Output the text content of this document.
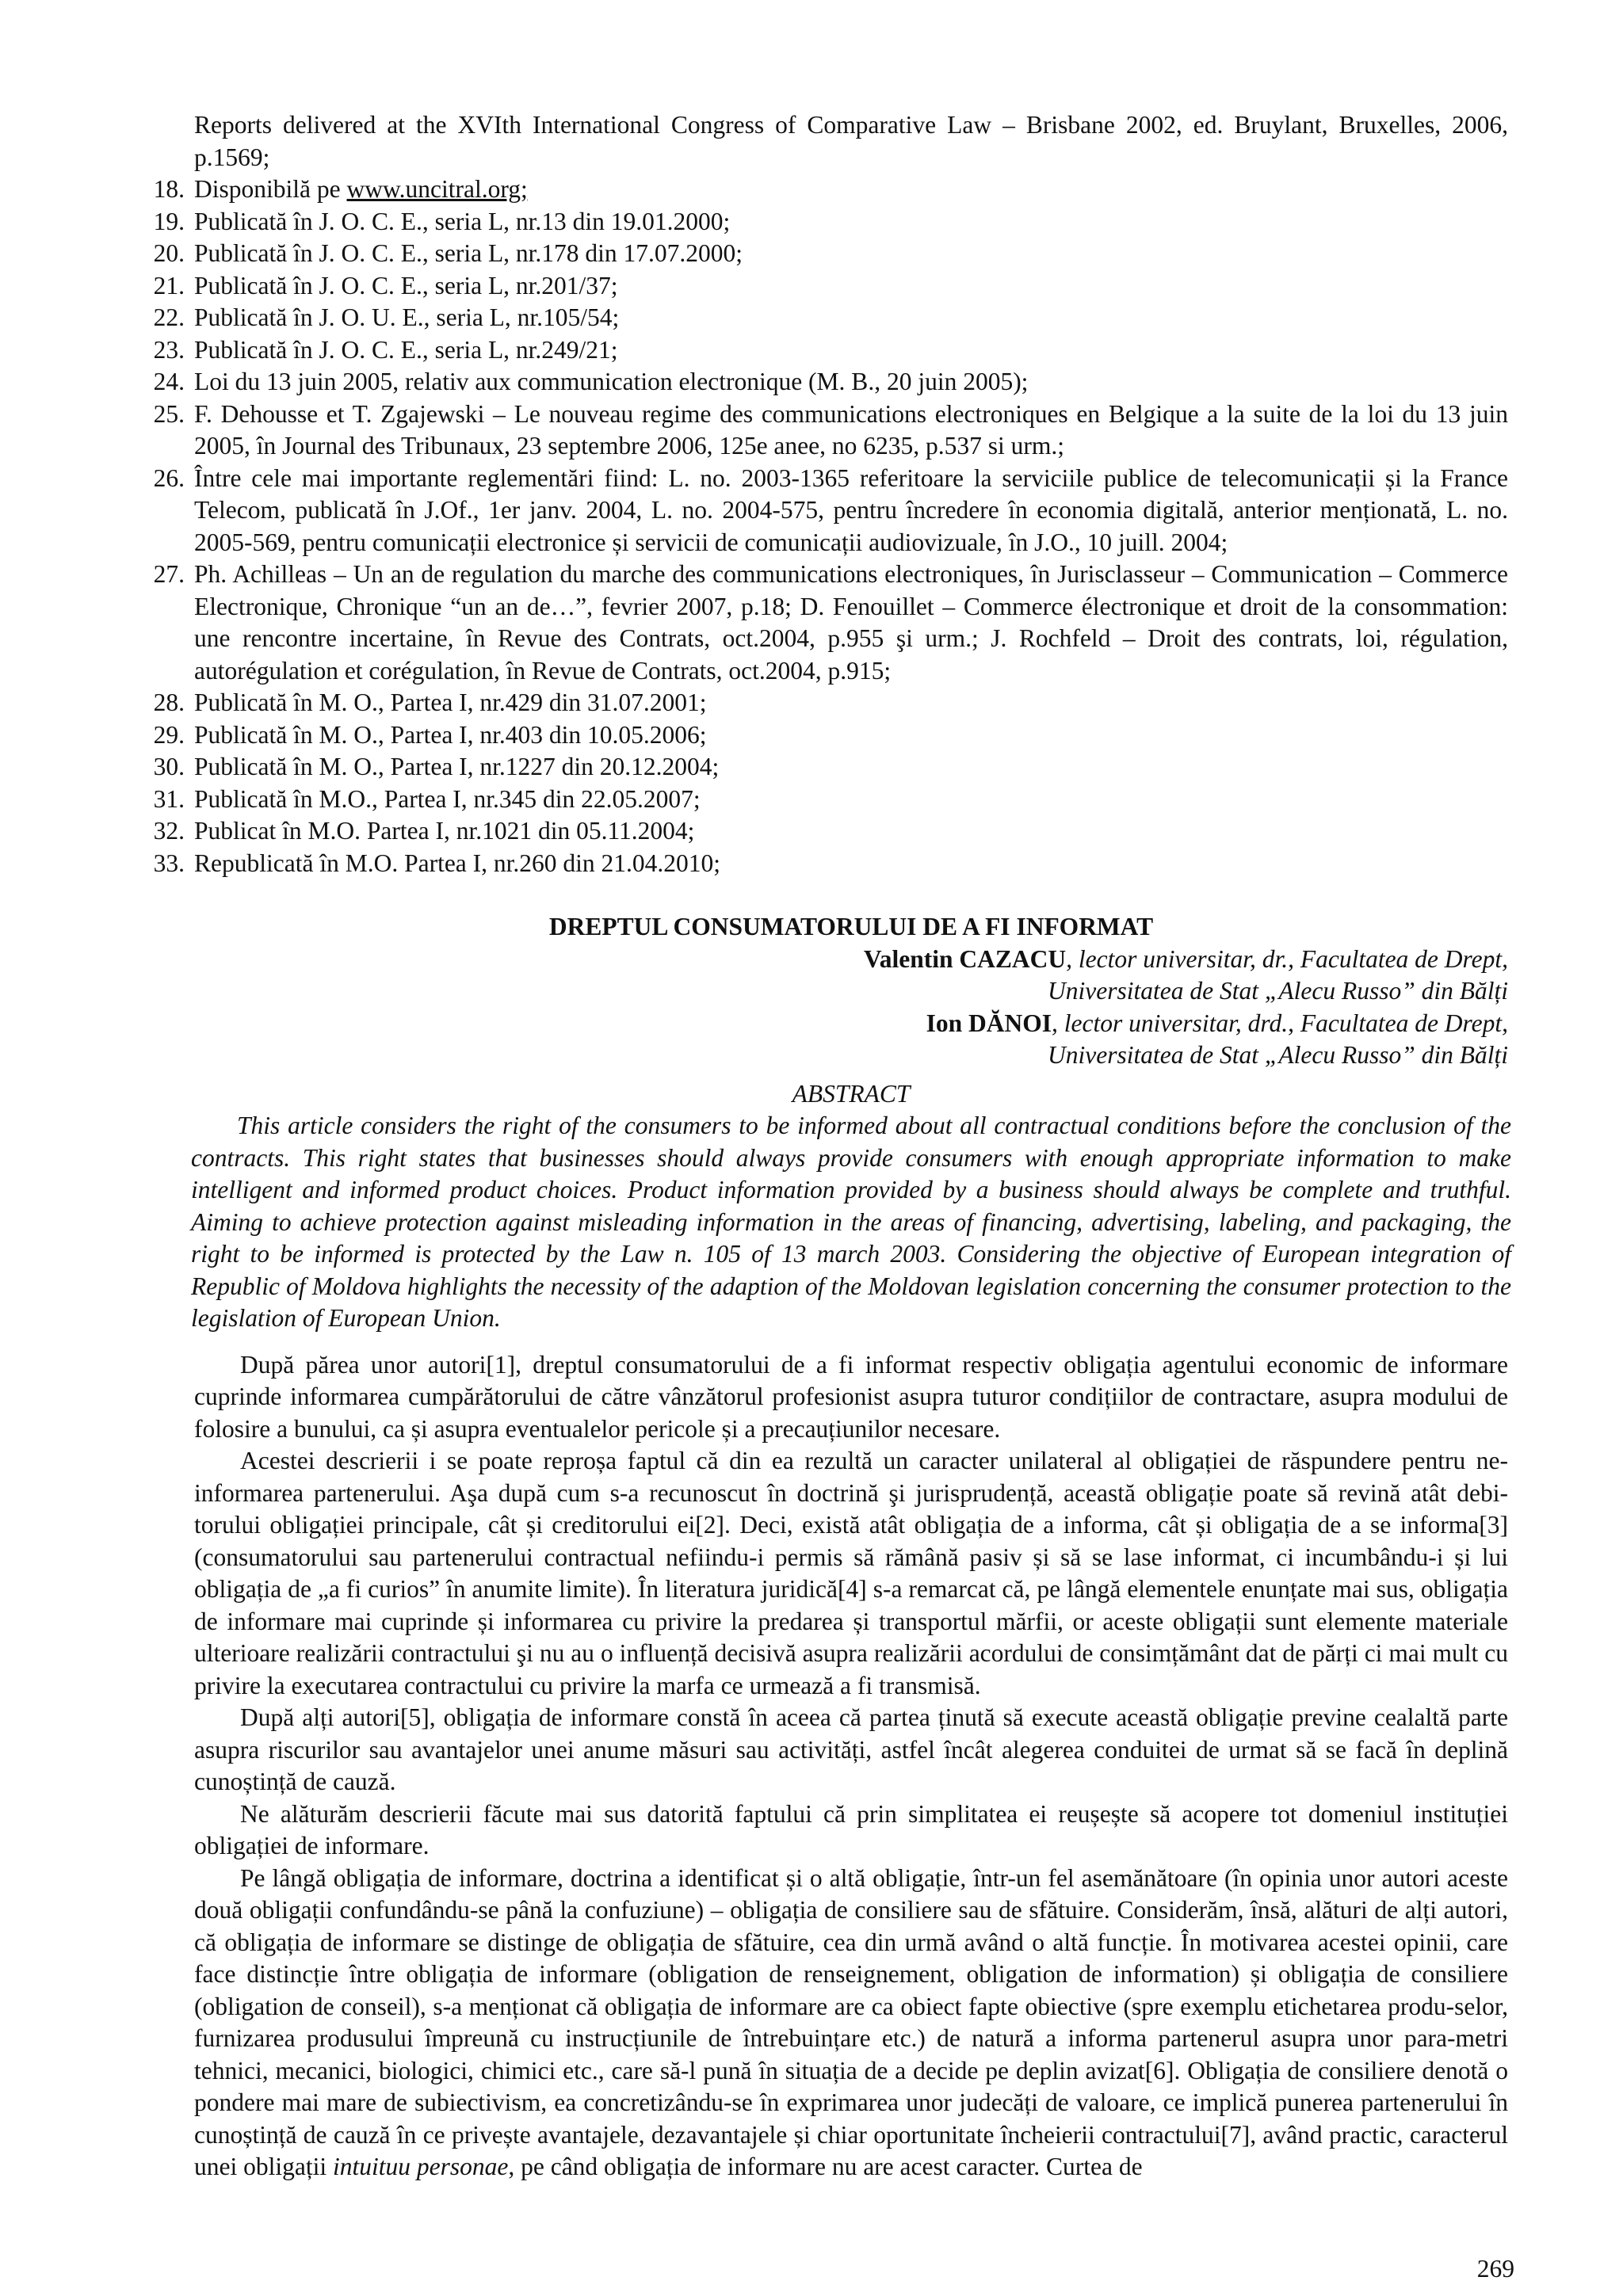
Reports delivered at the XVIth International Congress of Comparative Law – Brisbane 2002, ed. Bruylant, Bruxelles, 2006, p.1569;
18. Disponibilă pe www.uncitral.org;
19. Publicată în J. O. C. E., seria L, nr.13 din 19.01.2000;
20. Publicată în J. O. C. E., seria L, nr.178 din 17.07.2000;
21. Publicată în J. O. C. E., seria L, nr.201/37;
22. Publicată în J. O. U. E., seria L, nr.105/54;
23. Publicată în J. O. C. E., seria L, nr.249/21;
24. Loi du 13 juin 2005, relativ aux communication electronique (M. B., 20 juin 2005);
25. F. Dehousse et T. Zgajewski – Le nouveau regime des communications electroniques en Belgique a la suite de la loi du 13 juin 2005, în Journal des Tribunaux, 23 septembre 2006, 125e anee, no 6235, p.537 si urm.;
26. Între cele mai importante reglementări fiind: L. no. 2003-1365 referitoare la serviciile publice de telecomunicații și la France Telecom, publicată în J.Of., 1er janv. 2004, L. no. 2004-575, pentru încredere în economia digitală, anterior menționată, L. no. 2005-569, pentru comunicații electronice și servicii de comunicații audiovizuale, în J.O., 10 juill. 2004;
27. Ph. Achilleas – Un an de regulation du marche des communications electroniques, în Jurisclasseur – Communication – Commerce Electronique, Chronique “un an de…”, fevrier 2007, p.18; D. Fenouillet – Commerce électronique et droit de la consommation: une rencontre incertaine, în Revue des Contrats, oct.2004, p.955 şi urm.; J. Rochfeld – Droit des contrats, loi, régulation, autorégulation et corégulation, în Revue de Contrats, oct.2004, p.915;
28. Publicată în M. O., Partea I, nr.429 din 31.07.2001;
29. Publicată în M. O., Partea I, nr.403 din 10.05.2006;
30. Publicată în M. O., Partea I, nr.1227 din 20.12.2004;
31. Publicată în M.O., Partea I, nr.345 din 22.05.2007;
32. Publicat în M.O. Partea I, nr.1021 din 05.11.2004;
33. Republicată în M.O. Partea I, nr.260 din 21.04.2010;
DREPTUL CONSUMATORULUI DE A FI INFORMAT
Valentin CAZACU, lector universitar, dr., Facultatea de Drept,
Universitatea de Stat „Alecu Russo” din Bălți
Ion DĂNOI, lector universitar, drd., Facultatea de Drept,
Universitatea de Stat „Alecu Russo” din Bălți
ABSTRACT
This article considers the right of the consumers to be informed about all contractual conditions before the conclusion of the contracts. This right states that businesses should always provide consumers with enough appropriate information to make intelligent and informed product choices. Product information provided by a business should always be complete and truthful. Aiming to achieve protection against misleading information in the areas of financing, advertising, labeling, and packaging, the right to be informed is protected by the Law n. 105 of 13 march 2003. Considering the objective of European integration of Republic of Moldova highlights the necessity of the adaption of the Moldovan legislation concerning the consumer protection to the legislation of European Union.

După părea unor autori[1], dreptul consumatorului de a fi informat respectiv obligația agentului economic de informare cuprinde informarea cumpărătorului de către vânzătorul profesionist asupra tuturor condițiilor de contractare, asupra modului de folosire a bunului, ca și asupra eventualelor pericole și a precauțiunilor necesare.

Acestei descrierii i se poate reproșa faptul că din ea rezultă un caracter unilateral al obligației de răspundere pentru ne-informarea partenerului. Aşa după cum s-a recunoscut în doctrină şi jurisprudență, această obligație poate să revină atât debi-torului obligației principale, cât și creditorului ei[2]. Deci, există atât obligația de a informa, cât și obligația de a se informa[3] (consumatorului sau partenerului contractual nefiindu-i permis să rămână pasiv și să se lase informat, ci incumbându-i și lui obligația de „a fi curios” în anumite limite). În literatura juridică[4] s-a remarcat că, pe lângă elementele enunțate mai sus, obligația de informare mai cuprinde și informarea cu privire la predarea și transportul mărfii, or aceste obligații sunt elemente materiale ulterioare realizării contractului şi nu au o influență decisivă asupra realizării acordului de consimțământ dat de părți ci mai mult cu privire la executarea contractului cu privire la marfa ce urmează a fi transmisă.

După alți autori[5], obligația de informare constă în aceea că partea ținută să execute această obligație previne cealaltă parte asupra riscurilor sau avantajelor unei anume măsuri sau activități, astfel încât alegerea conduitei de urmat să se facă în deplină cunoștință de cauză.

Ne alăturăm descrierii făcute mai sus datorită faptului că prin simplitatea ei reușește să acopere tot domeniul instituției obligației de informare.

Pe lângă obligația de informare, doctrina a identificat și o altă obligație, într-un fel asemănătoare (în opinia unor autori aceste două obligații confundându-se până la confuziune) – obligația de consiliere sau de sfătuire. Considerăm, însă, alături de alți autori, că obligația de informare se distinge de obligația de sfătuire, cea din urmă având o altă funcție. În motivarea acestei opinii, care face distincție între obligația de informare (obligation de renseignement, obligation de information) și obligația de consiliere (obligation de conseil), s-a menționat că obligația de informare are ca obiect fapte obiective (spre exemplu etichetarea produ-selor, furnizarea produsului împreună cu instrucțiunile de întrebuințare etc.) de natură a informa partenerul asupra unor para-metri tehnici, mecanici, biologici, chimici etc., care să-l pună în situația de a decide pe deplin avizat[6]. Obligația de consiliere denotă o pondere mai mare de subiectivism, ea concretizându-se în exprimarea unor judecăți de valoare, ce implică punerea partenerului în cunoștință de cauză în ce privește avantajele, dezavantajele și chiar oportunitate încheierii contractului[7], având practic, caracterul unei obligații intuituu personae, pe când obligația de informare nu are acest caracter. Curtea de

269
